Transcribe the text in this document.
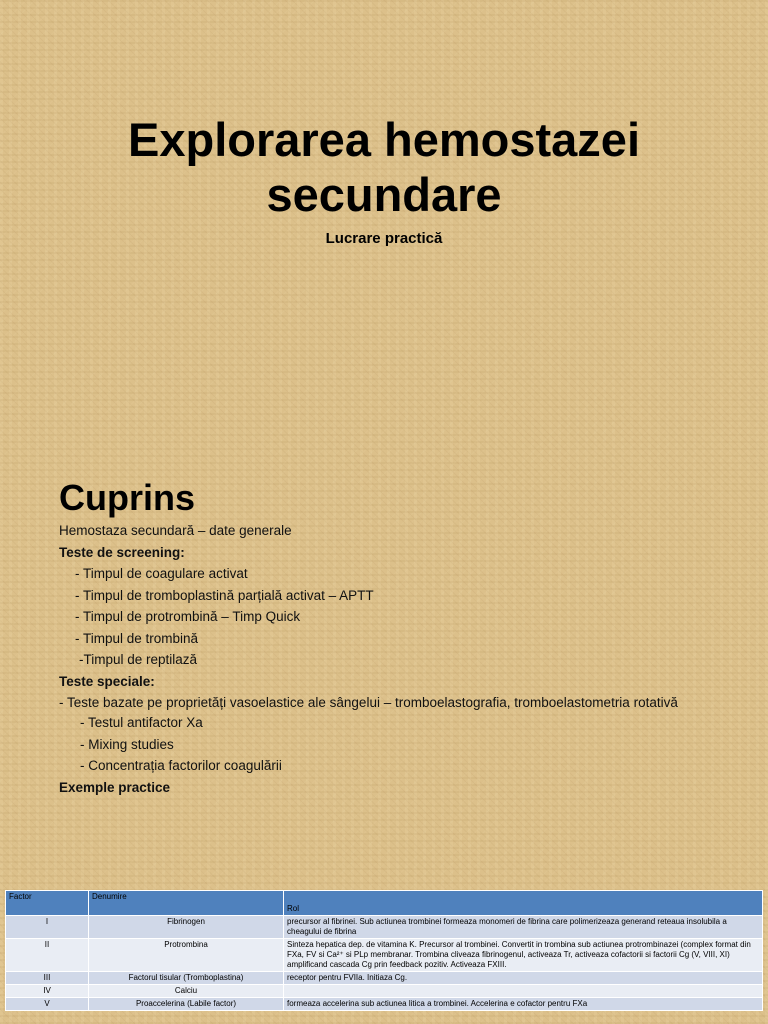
Explorarea hemostazei
secundare
Lucrare practică
Cuprins
Hemostaza secundară – date generale
Teste de screening:
- Timpul de coagulare activat
- Timpul de tromboplastină parțială activat – APTT
- Timpul de protrombină – Timp Quick
- Timpul de trombină
-Timpul de reptilază
Teste speciale:
- Teste bazate pe proprietăți vasoelastice ale sângelui – tromboelastografia, tromboelastometria rotativă
- Testul antifactor Xa
- Mixing studies
- Concentrația factorilor coagulării
Exemple practice
Factor	Denumire	Rol
I	Fibrinogen	precursor al fibrinei. Sub actiunea trombinei formeaza monomeri de fibrina care polimerizeaza generand reteaua insolubila a cheagului de fibrina
II	Protrombina	Sinteza hepatica dep. de vitamina K. Precursor al trombinei. Convertit in trombina sub actiunea protrombinazei (complex format din FXa, FV si Ca²⁺ si PLp membranar. Trombina cliveaza fibrinogenul, activeaza Tr, activeaza cofactorii si factorii Cg (V, VIII, XI) amplificand cascada Cg prin feedback pozitiv. Activeaza FXIII.
III	Factorul tisular (Tromboplastina)	receptor pentru FVIIa. Initiaza Cg.
IV	Calciu	
V	Proaccelerina (Labile factor)	formeaza accelerina sub actiunea litica a trombinei. Accelerina e cofactor pentru FXa
